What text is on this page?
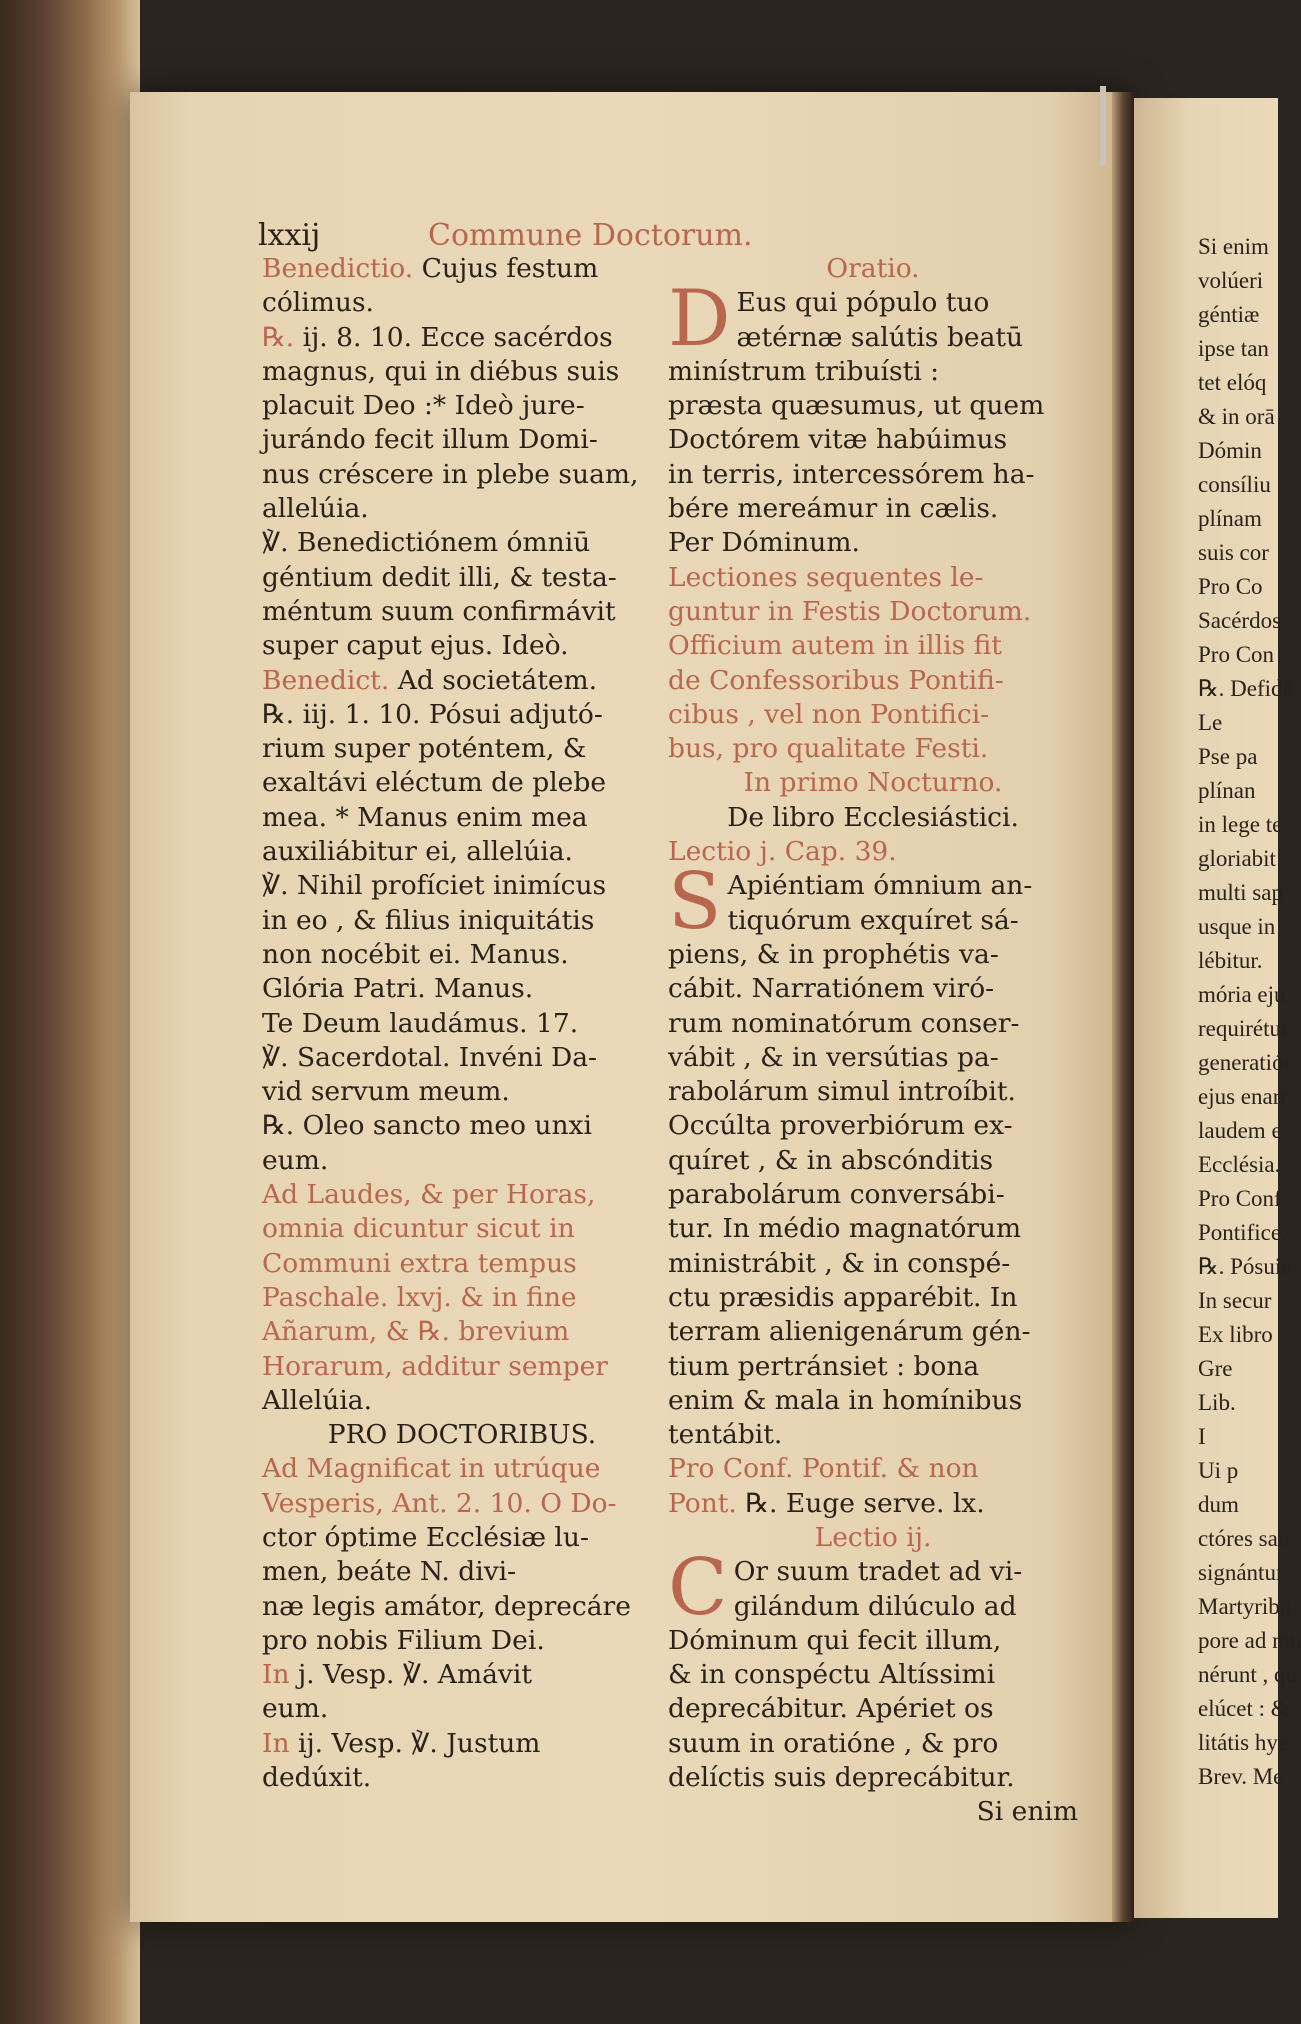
lxxij	Commune Doctorum.
Benedictio. Cujus festum
cólimus.
℞. ij. 8. 10. Ecce sacérdos
magnus, qui in diébus suis
placuit Deo :* Ideò jure-
jurándo fecit illum Domi-
nus créscere in plebe suam,
allelúia.
℣. Benedictiónem ómniū
géntium dedit illi, & testa-
méntum suum confirmávit
super caput ejus. Ideò.
Benedict. Ad societátem.
℞. iij. 1. 10. Pósui adjutó-
rium super poténtem, &
exaltávi eléctum de plebe
mea. * Manus enim mea
auxiliábitur ei, allelúia.
℣. Nihil profíciet inimícus
in eo , & filius iniquitátis
non nocébit ei. Manus.
Glória Patri. Manus.
Te Deum laudámus. 17.
℣. Sacerdotal. Invéni Da-
vid servum meum.
℞. Oleo sancto meo unxi
eum.
Ad Laudes, & per Horas,
omnia dicuntur sicut in
Communi extra tempus
Paschale. lxvj. & in fine
Añarum, & ℞. brevium
Horarum, additur semper
Allelúia.
PRO DOCTORIBUS.
Ad Magnificat in utrúque
Vesperis, Ant. 2. 10. O Do-
ctor óptime Ecclésiæ lu-
men, beáte N. divi-
næ legis amátor, deprecáre
pro nobis Filium Dei.
In j. Vesp. ℣. Amávit
eum.
In ij. Vesp. ℣. Justum
dedúxit.
Oratio.
D Eus qui pópulo tuo
ætérnæ salútis beatū
minístrum tribuísti :
præsta quæsumus, ut quem
Doctórem vitæ habúimus
in terris, intercessórem ha-
bére mereámur in cælis.
Per Dóminum.
Lectiones sequentes le-
guntur in Festis Doctorum.
Officium autem in illis fit
de Confessoribus Pontifi-
cibus , vel non Pontifici-
bus, pro qualitate Festi.
In primo Nocturno.
De libro Ecclesiástici.
Lectio j. Cap. 39.
S Apiéntiam ómnium an-
tiquórum exquíret sá-
piens, & in prophétis va-
cábit. Narratiónem viró-
rum nominatórum conser-
vábit , & in versútias pa-
rabolárum simul introíbit.
Occúlta proverbiórum ex-
quíret , & in abscónditis
parabolárum conversábi-
tur. In médio magnatórum
ministrábit , & in conspé-
ctu præsidis apparébit. In
terram alienigenárum gén-
tium pertránsiet : bona
enim & mala in homínibus
tentábit.
Pro Conf. Pontif. & non
Pont. ℞. Euge serve. lx.
Lectio ij.
C Or suum tradet ad vi-
gilándum dilúculo ad
Dóminum qui fecit illum,
& in conspéctu Altíssimi
deprecábitur. Apériet os
suum in oratióne , & pro
delíctis suis deprecábitur.
Si enim
Si enim
volúeri
géntiæ
ipse tan
tet elóq
& in orā
Dómin
consíliu
plínam
suis cor
Pro Co
Sacérdos
Pro Con
℞. Defidé
Le
Pse pa
plínan
in lege te
gloriabit
multi sap
usque in
lébitur.
mória eju
requirétur
generatiór
ejus enarr
laudem e
Ecclésia.
Pro Conf
Pontifice,
℞. Pósuia
In secur
Ex libro
Gre
Lib.
I
Ui p
dum
ctóres san
signántur
Martyribu
pore ad mu
nérunt , qu
elúcet : &
litátis hye
Brev. Me
